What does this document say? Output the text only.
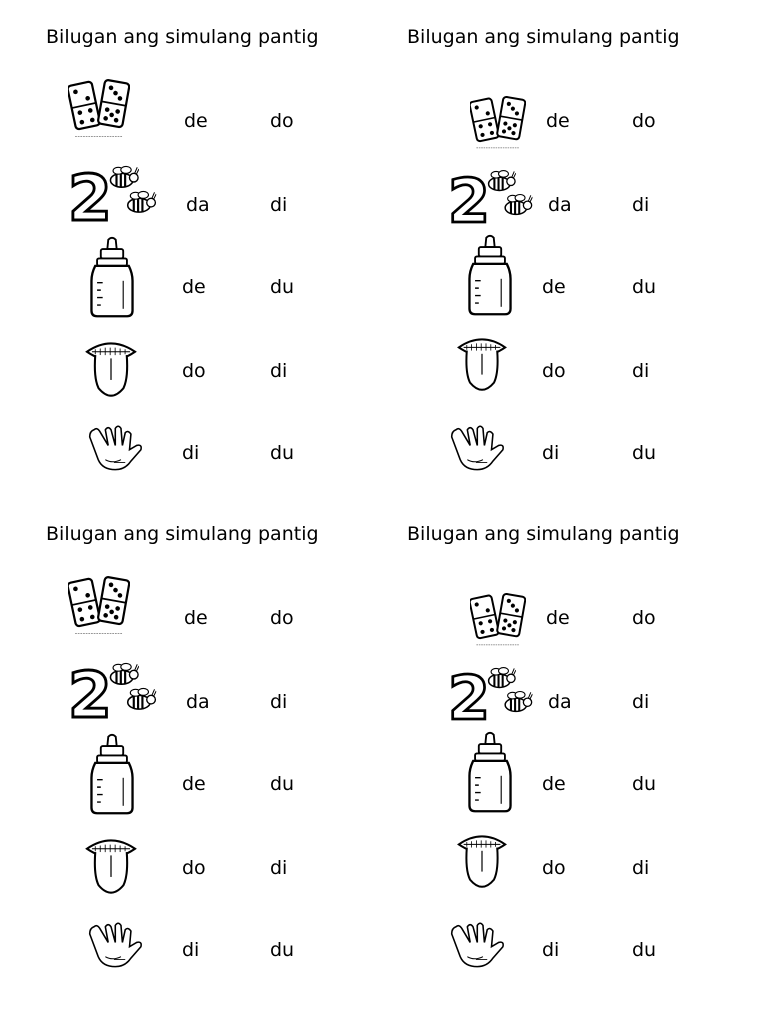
Bilugan ang simulang pantig
de	do
da	di
de	du
do	di
di	du
Bilugan ang simulang pantig
de	do
da	di
de	du
do	di
di	du
Bilugan ang simulang pantig
de	do
da	di
de	du
do	di
di	du
Bilugan ang simulang pantig
de	do
da	di
de	du
do	di
di	du
